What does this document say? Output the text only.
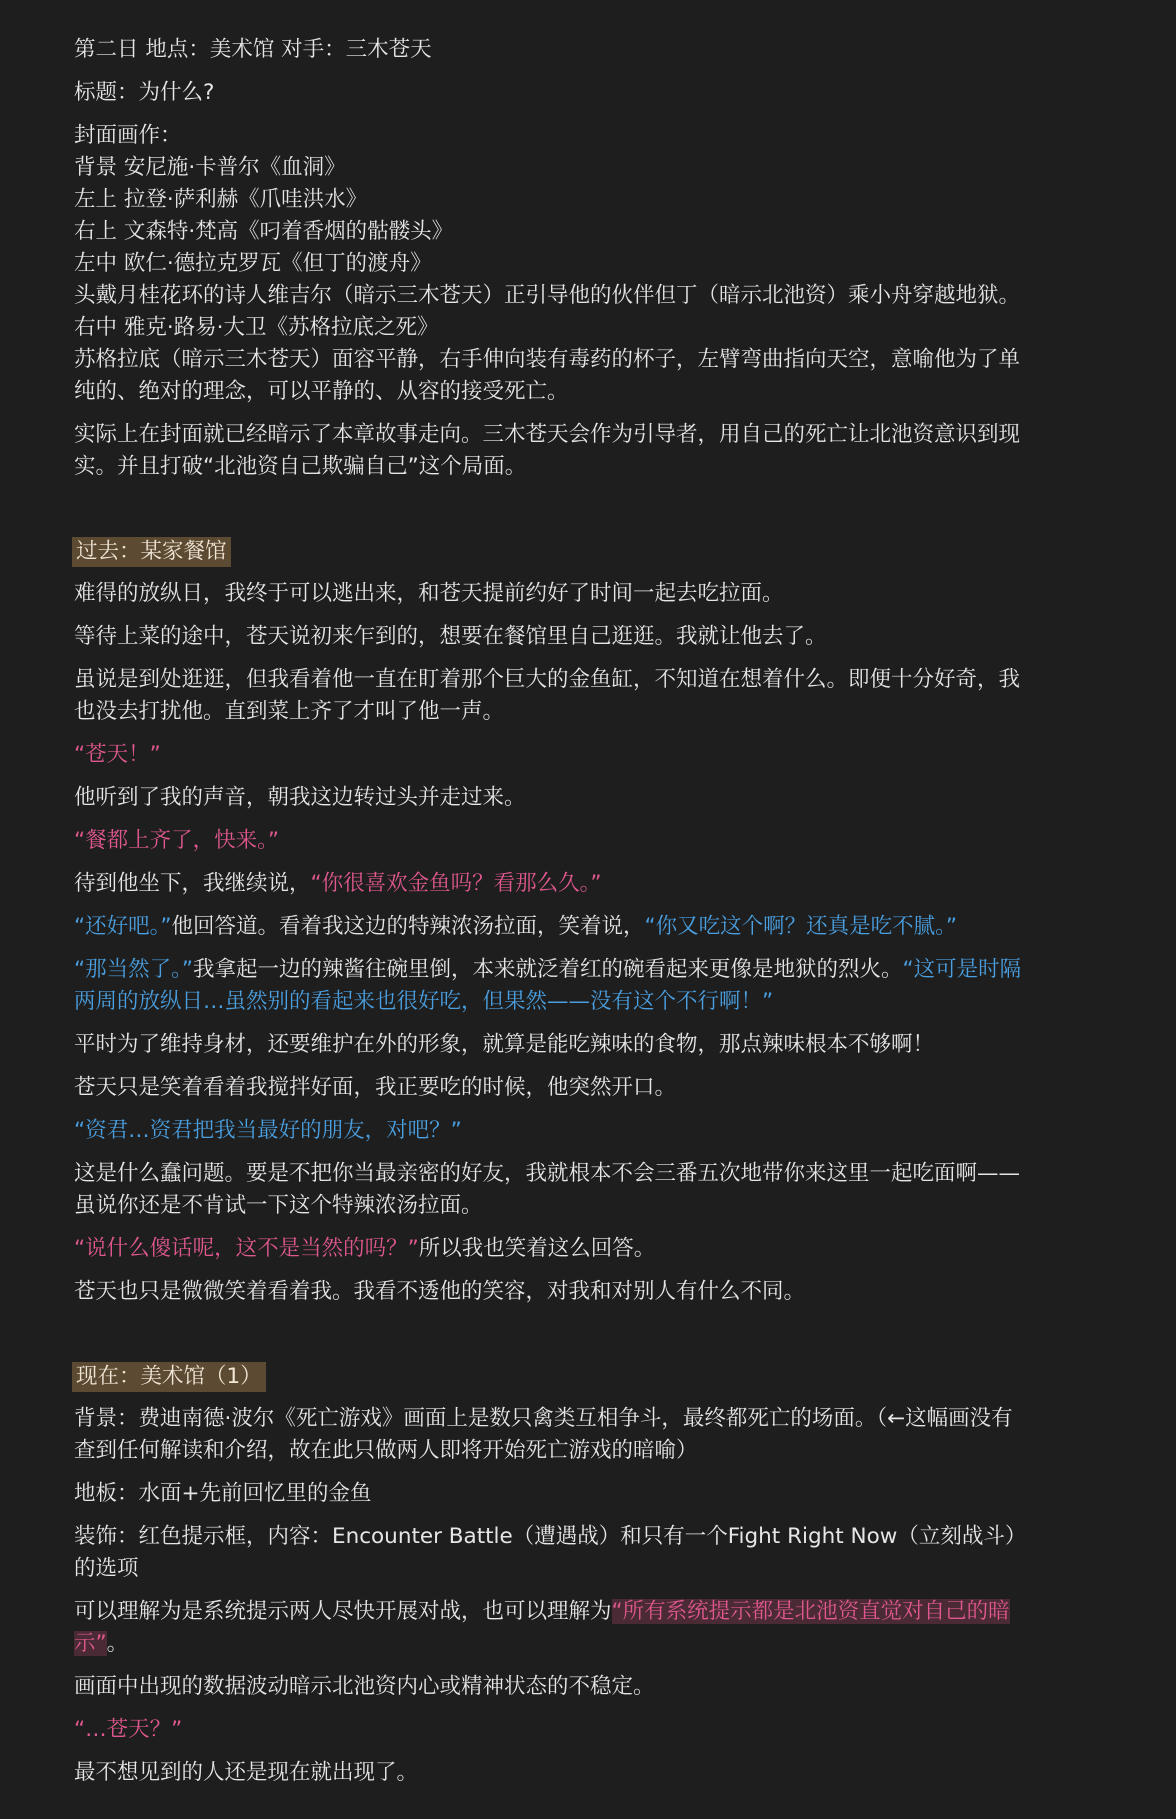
第二日 地点：美术馆 对手：三木苍天

标题：为什么?

封面画作：

背景 安尼施·卡普尔《血洞》

左上 拉登·萨利赫《爪哇洪水》

右上 文森特·梵高《叼着香烟的骷髅头》

左中 欧仁·德拉克罗瓦《但丁的渡舟》

头戴月桂花环的诗人维吉尔（暗示三木苍天）正引导他的伙伴但丁（暗示北池资）乘小舟穿越地狱。

右中 雅克·路易·大卫《苏格拉底之死》

苏格拉底（暗示三木苍天）面容平静，右手伸向装有毒药的杯子，左臂弯曲指向天空，意喻他为了单纯的、绝对的理念，可以平静的、从容的接受死亡。

实际上在封面就已经暗示了本章故事走向。三木苍天会作为引导者，用自己的死亡让北池资意识到现实。并且打破“北池资自己欺骗自己”这个局面。

过去：某家餐馆

难得的放纵日，我终于可以逃出来，和苍天提前约好了时间一起去吃拉面。

等待上菜的途中，苍天说初来乍到的，想要在餐馆里自己逛逛。我就让他去了。

虽说是到处逛逛，但我看着他一直在盯着那个巨大的金鱼缸，不知道在想着什么。即便十分好奇，我也没去打扰他。直到菜上齐了才叫了他一声。

“苍天！”

他听到了我的声音，朝我这边转过头并走过来。

“餐都上齐了，快来。”

待到他坐下，我继续说，“你很喜欢金鱼吗？看那么久。”

“还好吧。”他回答道。看着我这边的特辣浓汤拉面，笑着说，“你又吃这个啊？还真是吃不腻。”

“那当然了。”我拿起一边的辣酱往碗里倒，本来就泛着红的碗看起来更像是地狱的烈火。“这可是时隔两周的放纵日…虽然别的看起来也很好吃，但果然——没有这个不行啊！”

平时为了维持身材，还要维护在外的形象，就算是能吃辣味的食物，那点辣味根本不够啊！

苍天只是笑着看着我搅拌好面，我正要吃的时候，他突然开口。

“资君…资君把我当最好的朋友，对吧？”

这是什么蠢问题。要是不把你当最亲密的好友，我就根本不会三番五次地带你来这里一起吃面啊——虽说你还是不肯试一下这个特辣浓汤拉面。

“说什么傻话呢，这不是当然的吗？”所以我也笑着这么回答。

苍天也只是微微笑着看着我。我看不透他的笑容，对我和对别人有什么不同。

现在：美术馆（1）

背景：费迪南德·波尔《死亡游戏》画面上是数只禽类互相争斗，最终都死亡的场面。（←这幅画没有查到任何解读和介绍，故在此只做两人即将开始死亡游戏的暗喻）

地板：水面+先前回忆里的金鱼

装饰：红色提示框，内容：Encounter Battle（遭遇战）和只有一个Fight Right Now（立刻战斗）的选项

可以理解为是系统提示两人尽快开展对战，也可以理解为“所有系统提示都是北池资直觉对自己的暗示”。

画面中出现的数据波动暗示北池资内心或精神状态的不稳定。

“…苍天？”

最不想见到的人还是现在就出现了。
